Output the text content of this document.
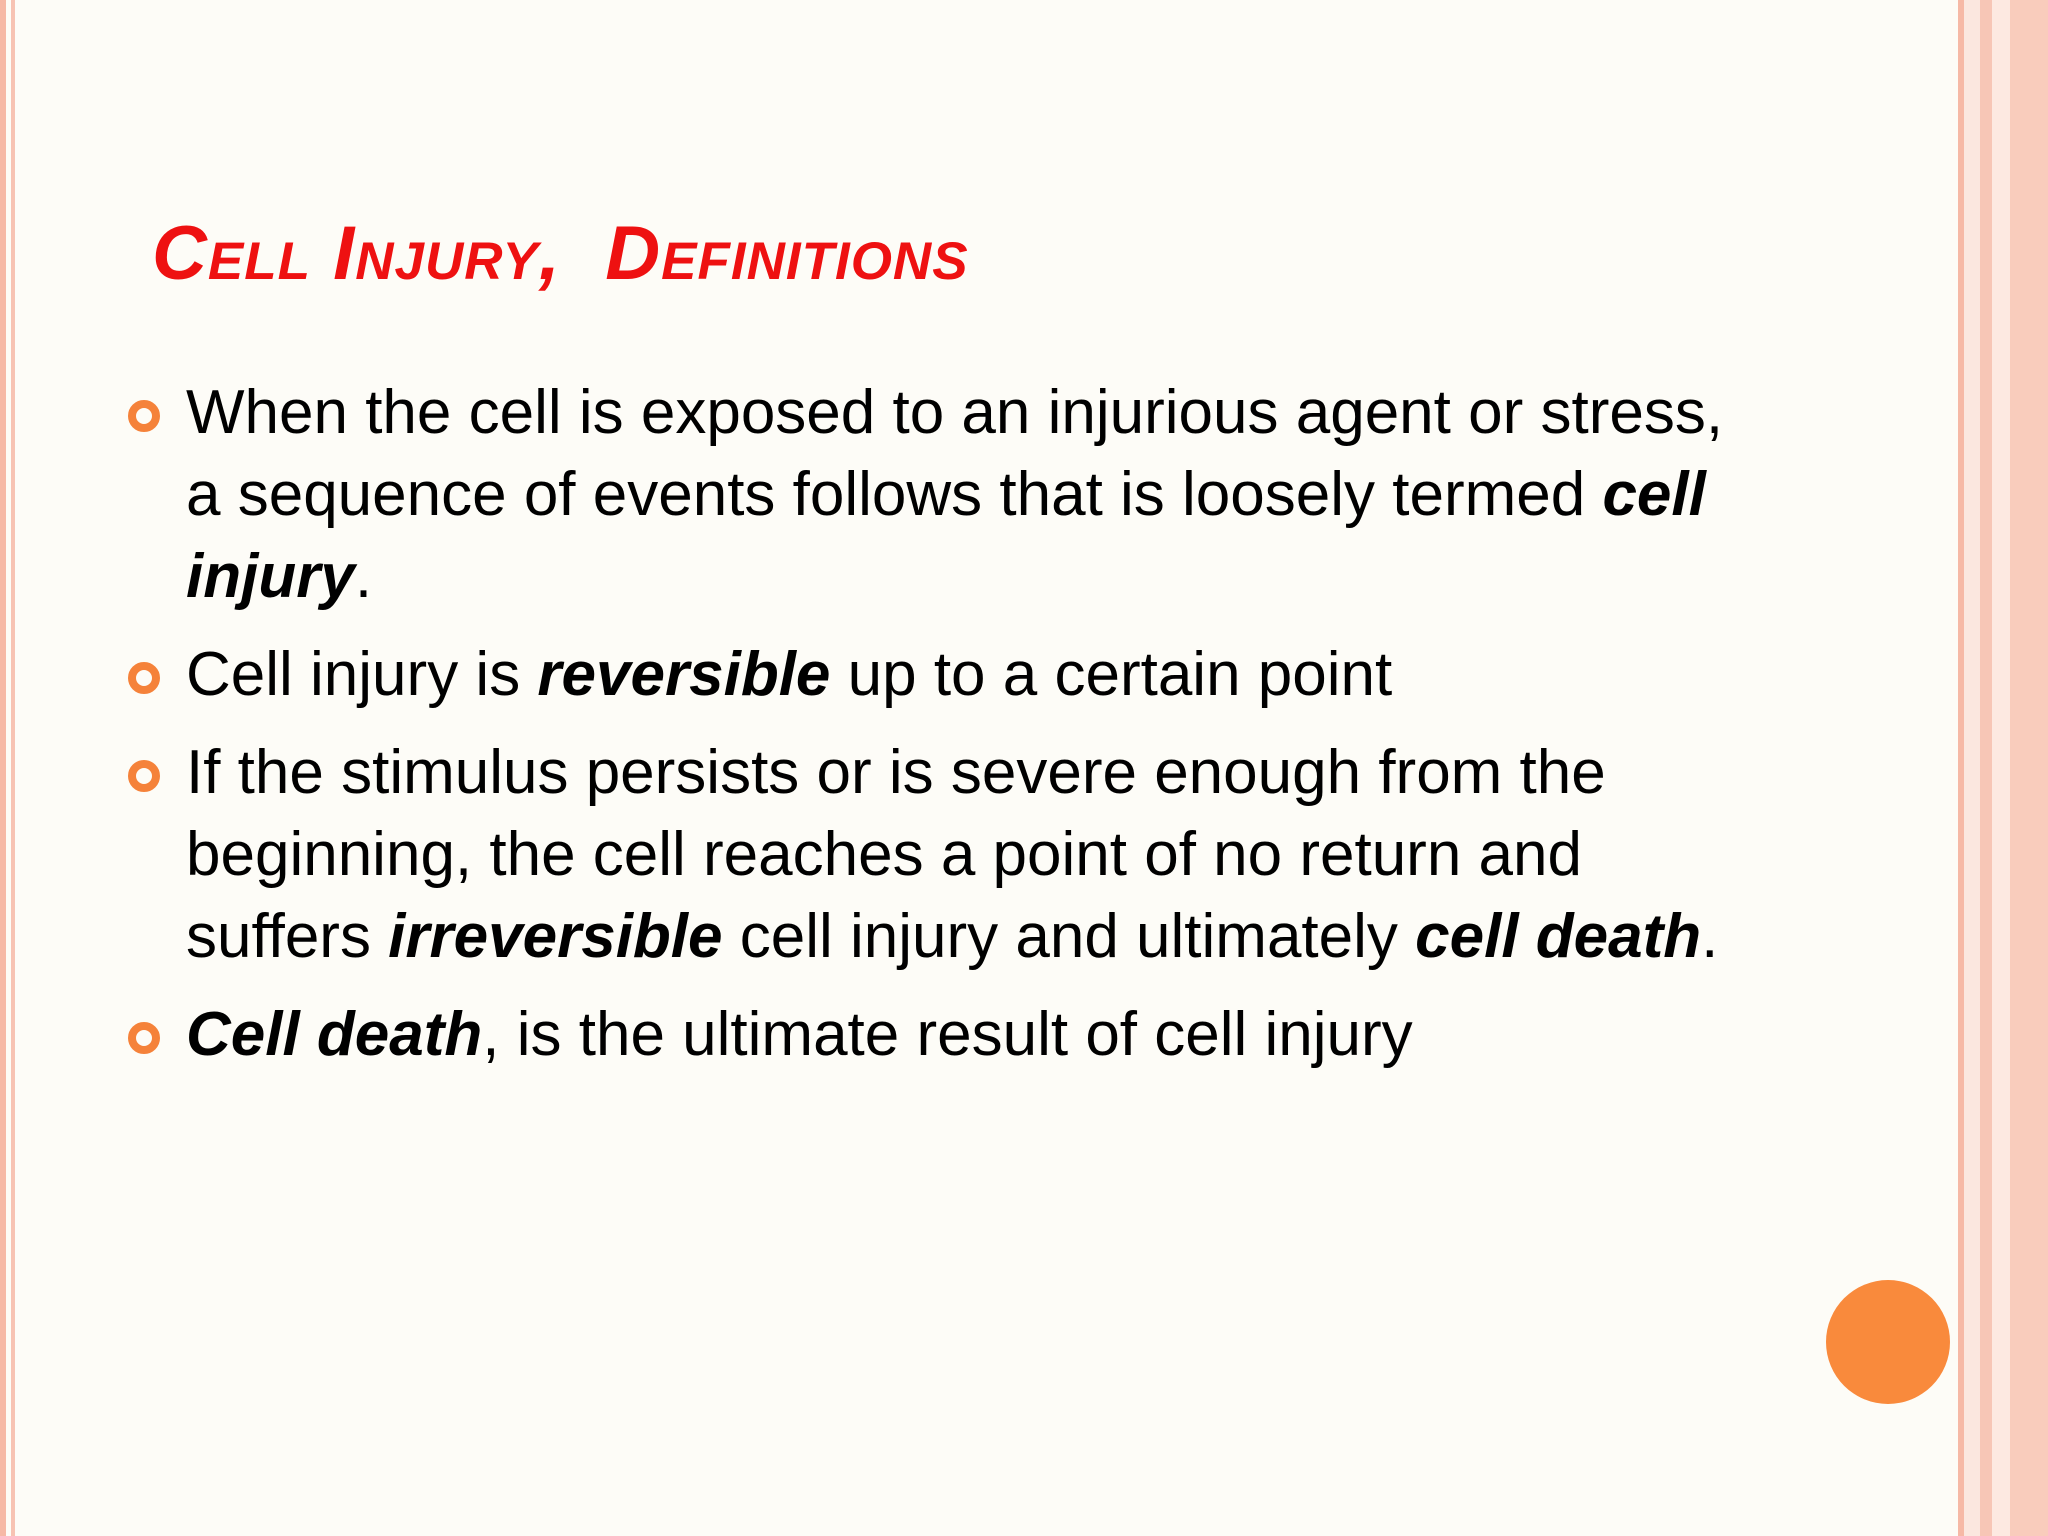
Cell Injury,  Definitions
When the cell is exposed to an injurious agent or stress, a sequence of events follows that is loosely termed cell injury.
Cell injury is reversible up to a certain point
If the stimulus persists or is severe enough from the beginning, the cell reaches a point of no return and suffers irreversible cell injury and ultimately cell death.
Cell death, is the ultimate result of cell injury
